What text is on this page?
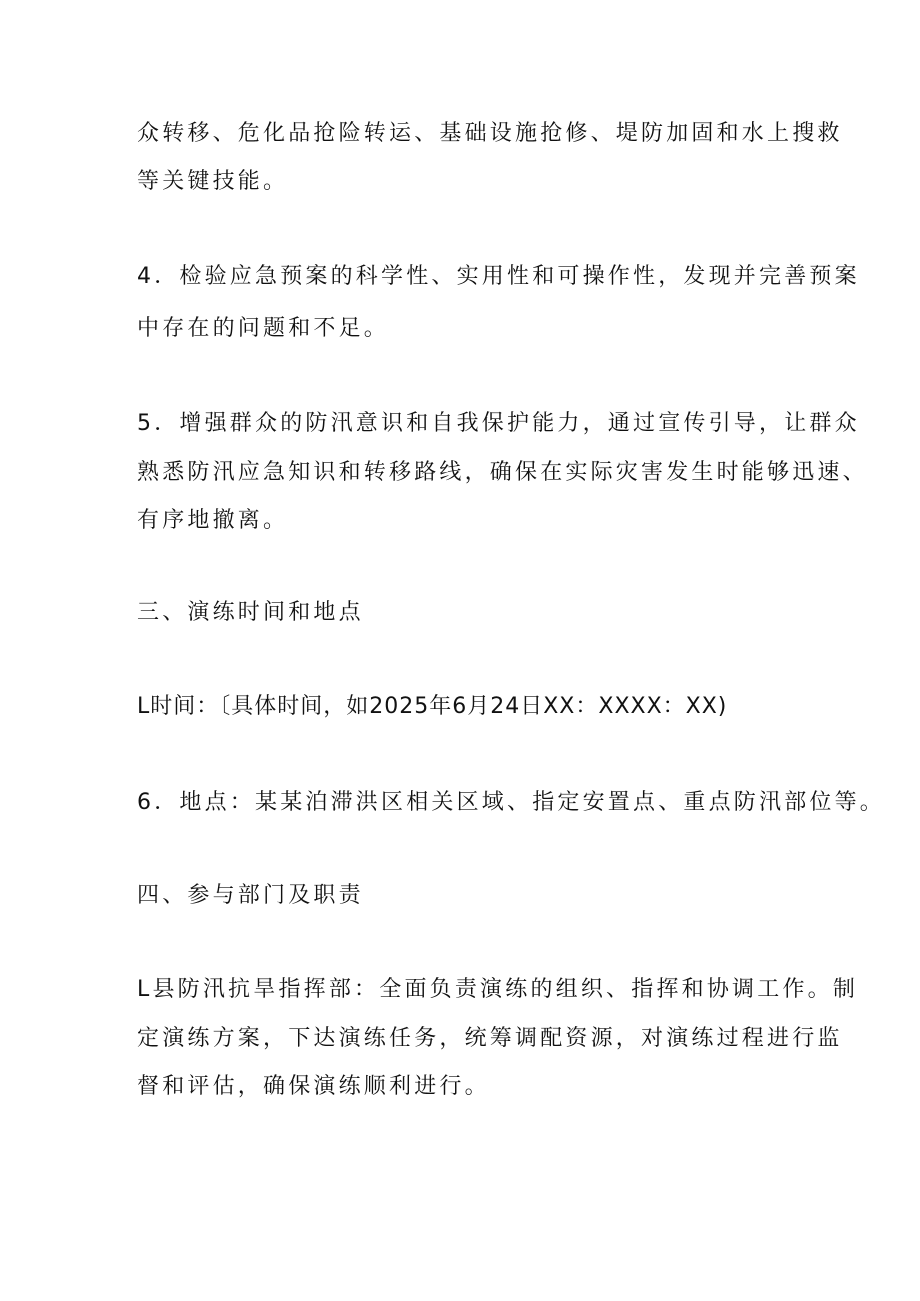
众转移、危化品抢险转运、基础设施抢修、堤防加固和水上搜救
等关键技能。
4．检验应急预案的科学性、实用性和可操作性，发现并完善预案
中存在的问题和不足。
5．增强群众的防汛意识和自我保护能力，通过宣传引导，让群众
熟悉防汛应急知识和转移路线，确保在实际灾害发生时能够迅速、
有序地撤离。
三、演练时间和地点
L时间：〔具体时间，如2025年6月24日XX：XXXX：XX)
6．地点：某某泊滞洪区相关区域、指定安置点、重点防汛部位等。
四、参与部门及职责
L县防汛抗旱指挥部：全面负责演练的组织、指挥和协调工作。制
定演练方案，下达演练任务，统筹调配资源，对演练过程进行监
督和评估，确保演练顺利进行。
